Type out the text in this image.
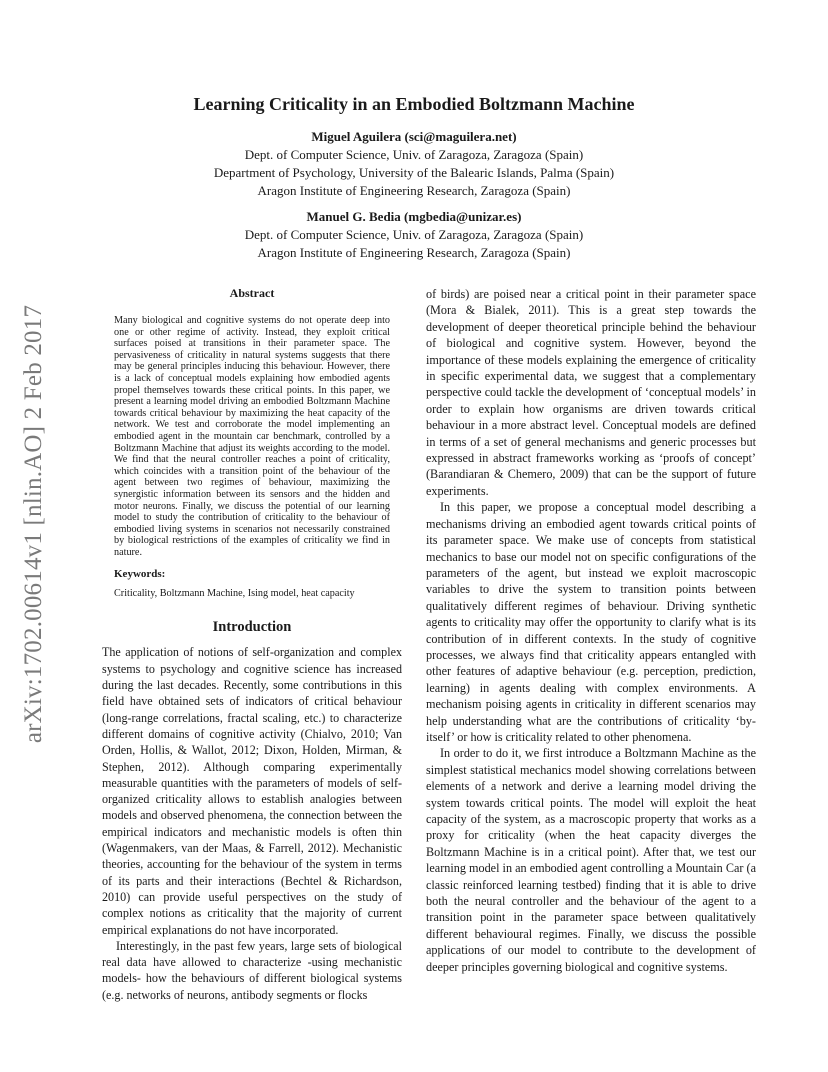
arXiv:1702.00614v1 [nlin.AO] 2 Feb 2017
Learning Criticality in an Embodied Boltzmann Machine
Miguel Aguilera (sci@maguilera.net)
Dept. of Computer Science, Univ. of Zaragoza, Zaragoza (Spain)
Department of Psychology, University of the Balearic Islands, Palma (Spain)
Aragon Institute of Engineering Research, Zaragoza (Spain)
Manuel G. Bedia (mgbedia@unizar.es)
Dept. of Computer Science, Univ. of Zaragoza, Zaragoza (Spain)
Aragon Institute of Engineering Research, Zaragoza (Spain)
Abstract
Many biological and cognitive systems do not operate deep into one or other regime of activity. Instead, they exploit critical surfaces poised at transitions in their parameter space. The pervasiveness of criticality in natural systems suggests that there may be general principles inducing this behaviour. However, there is a lack of conceptual models explaining how embodied agents propel themselves towards these critical points. In this paper, we present a learning model driving an embodied Boltzmann Machine towards critical behaviour by maximizing the heat capacity of the network. We test and corroborate the model implementing an embodied agent in the mountain car benchmark, controlled by a Boltzmann Machine that adjust its weights according to the model. We find that the neural controller reaches a point of criticality, which coincides with a transition point of the behaviour of the agent between two regimes of behaviour, maximizing the synergistic information between its sensors and the hidden and motor neurons. Finally, we discuss the potential of our learning model to study the contribution of criticality to the behaviour of embodied living systems in scenarios not necessarily constrained by biological restrictions of the examples of criticality we find in nature.
Keywords:
Criticality, Boltzmann Machine, Ising model, heat capacity
Introduction

The application of notions of self-organization and complex systems to psychology and cognitive science has increased during the last decades. Recently, some contributions in this field have obtained sets of indicators of critical behaviour (long-range correlations, fractal scaling, etc.) to characterize different domains of cognitive activity (Chialvo, 2010; Van Orden, Hollis, & Wallot, 2012; Dixon, Holden, Mirman, & Stephen, 2012). Although comparing experimentally measurable quantities with the parameters of models of self-organized criticality allows to establish analogies between models and observed phenomena, the connection between the empirical indicators and mechanistic models is often thin (Wagenmakers, van der Maas, & Farrell, 2012). Mechanistic theories, accounting for the behaviour of the system in terms of its parts and their interactions (Bechtel & Richardson, 2010) can provide useful perspectives on the study of complex notions as criticality that the majority of current empirical explanations do not have incorporated.

Interestingly, in the past few years, large sets of biological real data have allowed to characterize -using mechanistic models- how the behaviours of different biological systems (e.g. networks of neurons, antibody segments or flocks

of birds) are poised near a critical point in their parameter space (Mora & Bialek, 2011). This is a great step towards the development of deeper theoretical principle behind the behaviour of biological and cognitive system. However, beyond the importance of these models explaining the emergence of criticality in specific experimental data, we suggest that a complementary perspective could tackle the development of ‘conceptual models’ in order to explain how organisms are driven towards critical behaviour in a more abstract level. Conceptual models are defined in terms of a set of general mechanisms and generic processes but expressed in abstract frameworks working as ‘proofs of concept’ (Barandiaran & Chemero, 2009) that can be the support of future experiments.

In this paper, we propose a conceptual model describing a mechanisms driving an embodied agent towards critical points of its parameter space. We make use of concepts from statistical mechanics to base our model not on specific configurations of the parameters of the agent, but instead we exploit macroscopic variables to drive the system to transition points between qualitatively different regimes of behaviour. Driving synthetic agents to criticality may offer the opportunity to clarify what is its contribution of in different contexts. In the study of cognitive processes, we always find that criticality appears entangled with other features of adaptive behaviour (e.g. perception, prediction, learning) in agents dealing with complex environments. A mechanism poising agents in criticality in different scenarios may help understanding what are the contributions of criticality ‘by-itself’ or how is criticality related to other phenomena.

In order to do it, we first introduce a Boltzmann Machine as the simplest statistical mechanics model showing correlations between elements of a network and derive a learning model driving the system towards critical points. The model will exploit the heat capacity of the system, as a macroscopic property that works as a proxy for criticality (when the heat capacity diverges the Boltzmann Machine is in a critical point). After that, we test our learning model in an embodied agent controlling a Mountain Car (a classic reinforced learning testbed) finding that it is able to drive both the neural controller and the behaviour of the agent to a transition point in the parameter space between qualitatively different behavioural regimes. Finally, we discuss the possible applications of our model to contribute to the development of deeper principles governing biological and cognitive systems.
